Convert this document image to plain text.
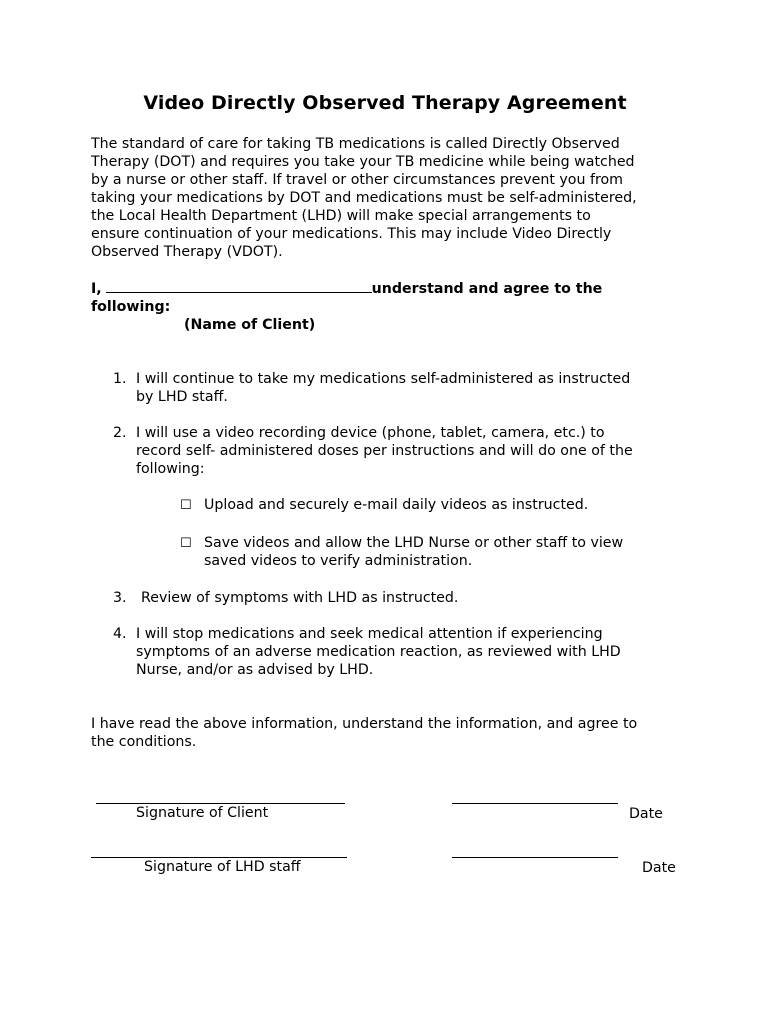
Video Directly Observed Therapy Agreement
The standard of care for taking TB medications is called Directly Observed
Therapy (DOT) and requires you take your TB medicine while being watched
by a nurse or other staff. If travel or other circumstances prevent you from
taking your medications by DOT and medications must be self-administered,
the Local Health Department (LHD) will make special arrangements to
ensure continuation of your medications. This may include Video Directly
Observed Therapy (VDOT).
I,	understand and agree to the
following:
(Name of Client)
1. I will continue to take my medications self-administered as instructed
by LHD staff.
2. I will use a video recording device (phone, tablet, camera, etc.) to
record self- administered doses per instructions and will do one of the
following:
☐ Upload and securely e-mail daily videos as instructed.
☐ Save videos and allow the LHD Nurse or other staff to view
saved videos to verify administration.
3. Review of symptoms with LHD as instructed.
4. I will stop medications and seek medical attention if experiencing
symptoms of an adverse medication reaction, as reviewed with LHD
Nurse, and/or as advised by LHD.
I have read the above information, understand the information, and agree to
the conditions.
Signature of Client	Date
Signature of LHD staff	Date
